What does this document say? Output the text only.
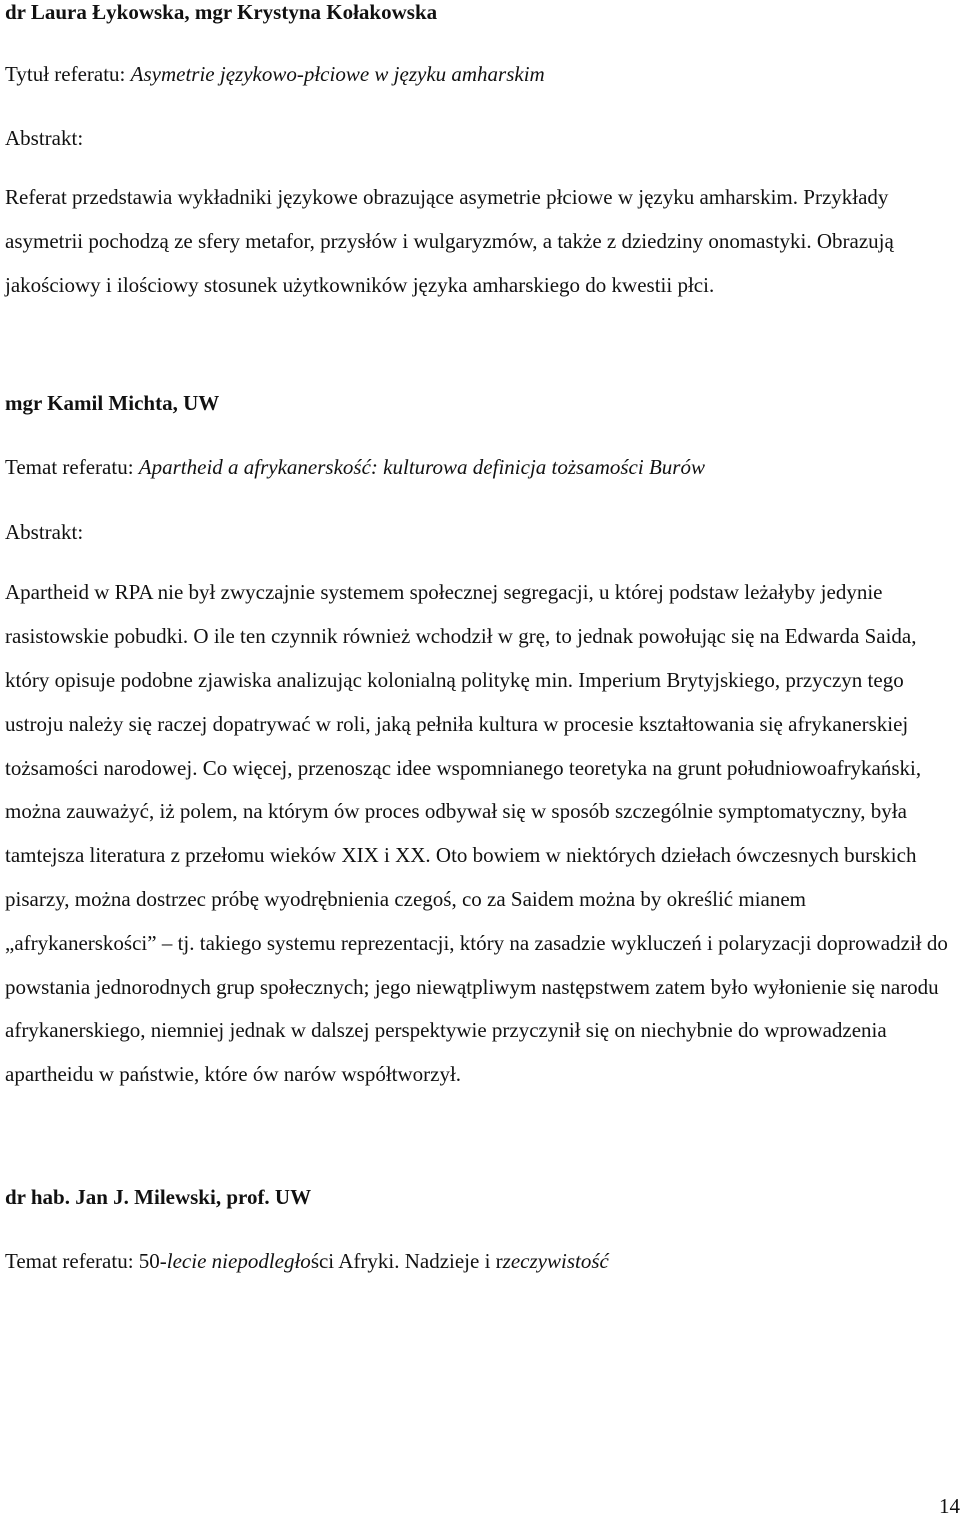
dr Laura Łykowska, mgr Krystyna Kołakowska

Tytuł referatu: Asymetrie językowo-płciowe w języku amharskim

Abstrakt:

Referat przedstawia wykładniki językowe obrazujące asymetrie płciowe w języku amharskim. Przykłady asymetrii pochodzą ze sfery metafor, przysłów i wulgaryzmów, a także z dziedziny onomastyki. Obrazują jakościowy i ilościowy stosunek użytkowników języka amharskiego do kwestii płci.

mgr Kamil Michta, UW

Temat referatu: Apartheid a afrykanerskość: kulturowa definicja tożsamości Burów

Abstrakt:

Apartheid w RPA nie był zwyczajnie systemem społecznej segregacji, u której podstaw leżałyby jedynie rasistowskie pobudki. O ile ten czynnik również wchodził w grę, to jednak powołując się na Edwarda Saida, który opisuje podobne zjawiska analizując kolonialną politykę min. Imperium Brytyjskiego, przyczyn tego ustroju należy się raczej dopatrywać w roli, jaką pełniła kultura w procesie kształtowania się afrykanerskiej tożsamości narodowej. Co więcej, przenosząc idee wspomnianego teoretyka na grunt południowoafrykański, można zauważyć, iż polem, na którym ów proces odbywał się w sposób szczególnie symptomatyczny, była tamtejsza literatura z przełomu wieków XIX i XX. Oto bowiem w niektórych dziełach ówczesnych burskich pisarzy, można dostrzec próbę wyodrębnienia czegoś, co za Saidem można by określić mianem „afrykanerskości” – tj. takiego systemu reprezentacji, który na zasadzie wykluczeń i polaryzacji doprowadził do powstania jednorodnych grup społecznych; jego niewątpliwym następstwem zatem było wyłonienie się narodu afrykanerskiego, niemniej jednak w dalszej perspektywie przyczynił się on niechybnie do wprowadzenia apartheidu w państwie, które ów narów współtworzył.

dr hab. Jan J. Milewski, prof. UW

Temat referatu: 50-lecie niepodległości Afryki. Nadzieje i rzeczywistość

14
